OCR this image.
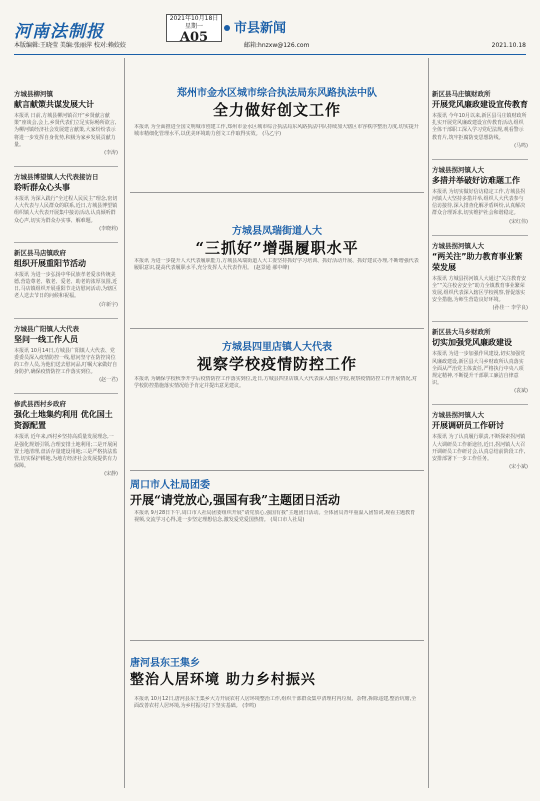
河南法制报
2021年10月18日 星期一
A05
市县新闻
本版编辑:王晓莹 美编:张丽萍 校对:赖姣姣	邮箱:hnzxw@126.com	2021.10.18
方城县柳河镇
献言献策共谋发展大计

本报讯 日前,方城县柳河镇召开“乡贤献言献策”座谈会,会上,乡贤代表们立足实际畅所欲言,为柳河镇经济社会发展建言献策,大家纷纷表示将进一步发挥自身优势,积极为家乡发展贡献力量。

(李涛)
方城县博望镇人大代表接访日
聆听群众心头事

本报讯 为深入践行“全过程人民民主”理念,密切人大代表与人民群众的联系,近日,方城县博望镇组织镇人大代表开展集中接访活动,认真倾听群众心声,切实为群众办实事、解难题。

(李晓莉)
新区县马店镇政府
组织开展重阳节活动

本报讯 为进一步弘扬中华民族孝老爱亲传统美德,营造尊老、敬老、爱老、助老的浓厚氛围,近日,马店镇组织开展重阳节走访慰问活动,为辖区老人送去节日的问候和祝福。

(许新宇)
方城县广阳镇人大代表
坚问一线工作人员

本报讯 10月14日,方城县广阳镇人大代表、党委委员深入疫情防控一线,慰问坚守在防控岗位的工作人员,为他们送去慰问品,叮嘱大家做好自身防护,确保疫情防控工作落实到位。

(赵一君)
修武县西村乡政府
强化土地集约利用 优化国土资源配置

本报讯 近年来,西村乡坚持高质量发展理念,一是强化规划引领,合理安排土地利用;二是开展闲置土地清理,盘活存量建设用地;三是严格执法监管,切实保护耕地,为地方经济社会发展提供有力保障。

(宋静)
郑州市金水区城市综合执法局东风路执法中队
全力做好创文工作
本报讯 为全面推进全国文明城市创建工作,郑州市金水区城市综合执法局东风路执法中队持续加大辖区市容秩序整治力度,切实提升城市精细化管理水平,以优美环境助力创文工作取得实效。 (马乙宇)
方城县凤瑞街道人大
“三抓好”增强履职水平
本报讯 为进一步提升人大代表履职能力,方城县凤瑞街道人大工委坚持抓好学习培训、抓好活动开展、抓好建议办理,不断增强代表履职意识,提高代表履职水平,充分发挥人大代表作用。 (赵景通 郝中峰)
方城县四里店镇人大代表
视察学校疫情防控工作
本报讯 为确保学校秋季开学后疫情防控工作落实到位,近日,方城县四里店镇人大代表深入辖区学校,视察疫情防控工作开展情况,对学校防控措施落实情况给予肯定并提出意见建议。
周口市人社局团委
开展“请党放心,强国有我”主题团日活动
本报讯 9月28日下午,周口市人社局团委组织开展“请党放心,强国有我”主题团日活动。全体团员青年重温入团誓词,观看主题教育视频,交流学习心得,进一步坚定理想信念,激发爱党爱国热情。 (周口市人社局)
唐河县东王集乡
整治人居环境 助力乡村振兴
本报讯 10月12日,唐河县东王集乡大力开展农村人居环境整治工作,组织干部群众集中清理村内垃圾、杂物,拆除违建,整治坑塘,全面改善农村人居环境,为乡村振兴打下坚实基础。 (李鸣)
新区县马庄镇财政所
开展党风廉政建设宣传教育

本报讯 今年10月以来,新区县马庄镇财政所扎实开展党风廉政建设宣传教育活动,组织全体干部职工深入学习党纪法规,观看警示教育片,筑牢拒腐防变思想防线。

(马鸣)
方城县拐河镇人大
多措并举破好访难题工作

本报讯 为切实做好信访稳定工作,方城县拐河镇人大坚持多措并举,组织人大代表参与信访接待,深入排查化解矛盾纠纷,认真解决群众合理诉求,切实维护社会和谐稳定。

(宋红伟)
方城县拐河镇人大
“两关注”助力教育事业繁荣发展

本报讯 方城县拐河镇人大通过“关注教育安全”“关注校舍安全”助力全镇教育事业繁荣发展,组织代表深入辖区学校视察,督促落实安全措施,为师生营造良好环境。

(孙佳一 李学良)
新区县大马乡财政所
切实加强党风廉政建设

本报讯 为进一步加强作风建设,切实加强党风廉政建设,新区县大马乡财政所认真落实全面从严治党主体责任,严格执行中央八项规定精神,不断提升干部职工廉洁自律意识。

(袁斌)
方城县拐河镇人大
开展调研员工作研讨

本报讯 为了认真履行职责,不断探索拐河镇人大调研员工作新途径,近日,拐河镇人大召开调研员工作研讨会,认真总结前阶段工作,安排部署下一步工作任务。

(宋小斌)
